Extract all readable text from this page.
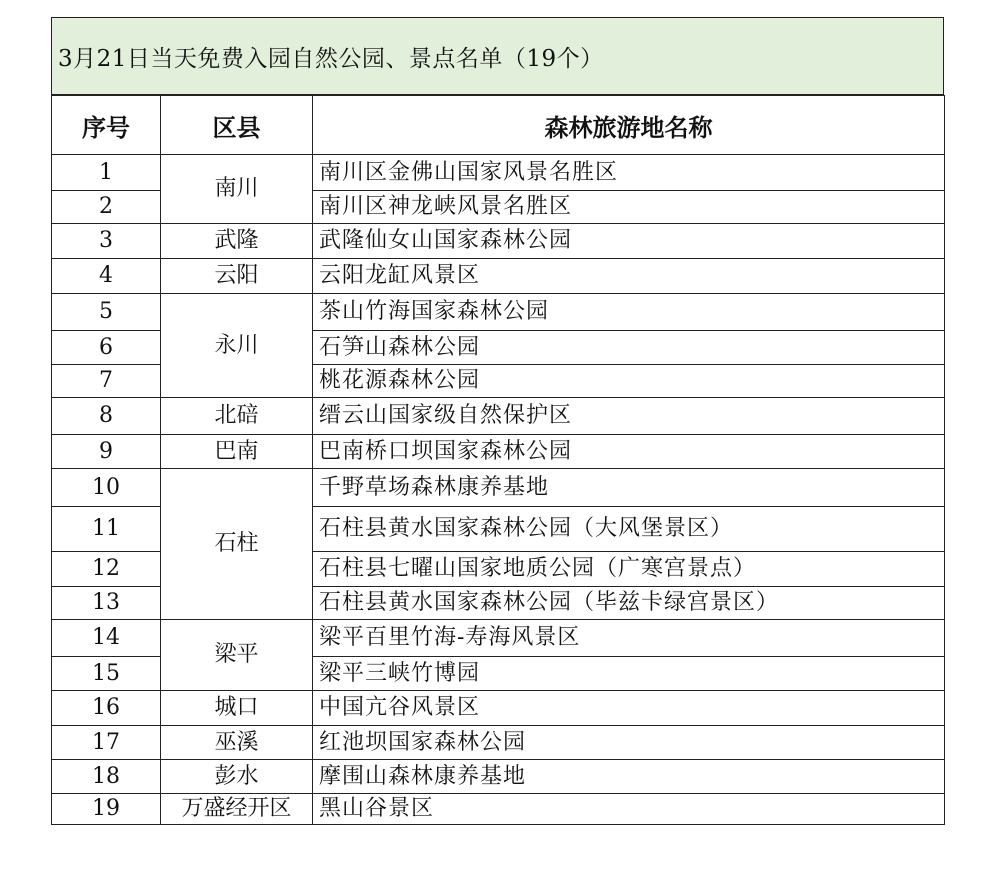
3月21日当天免费入园自然公园、景点名单（19个）
序号	区县	森林旅游地名称
1	南川	南川区金佛山国家风景名胜区
2		南川区神龙峡风景名胜区
3	武隆	武隆仙女山国家森林公园
4	云阳	云阳龙缸风景区
5	永川	茶山竹海国家森林公园
6		石笋山森林公园
7		桃花源森林公园
8	北碚	缙云山国家级自然保护区
9	巴南	巴南桥口坝国家森林公园
10	石柱	千野草场森林康养基地
11		石柱县黄水国家森林公园（大风堡景区）
12		石柱县七曜山国家地质公园（广寒宫景点）
13		石柱县黄水国家森林公园（毕兹卡绿宫景区）
14	梁平	梁平百里竹海-寿海风景区
15		梁平三峡竹博园
16	城口	中国亢谷风景区
17	巫溪	红池坝国家森林公园
18	彭水	摩围山森林康养基地
19	万盛经开区	黑山谷景区
